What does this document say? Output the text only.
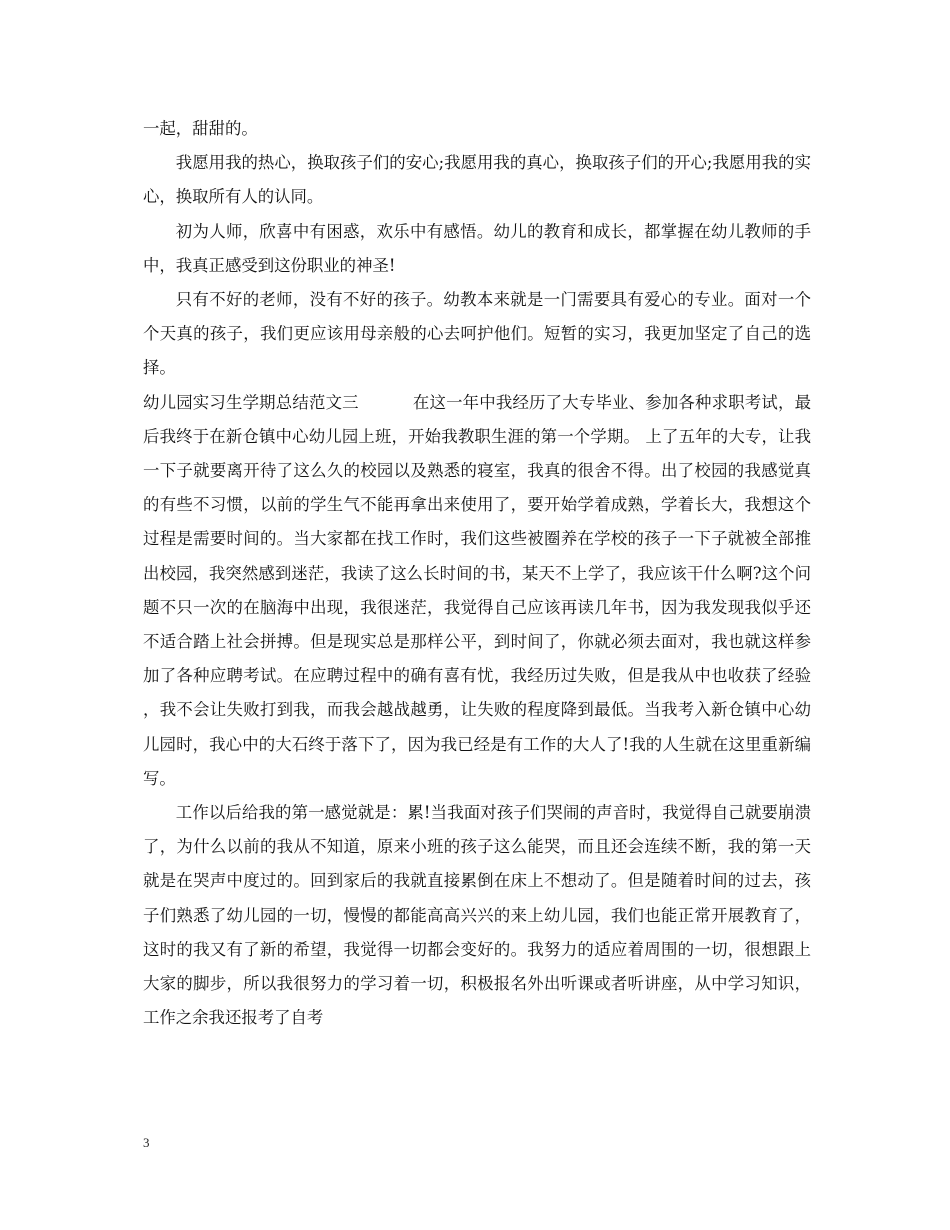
一起，甜甜的。

我愿用我的热心，换取孩子们的安心;我愿用我的真心，换取孩子们的开心;我愿用我的实心，换取所有人的认同。

初为人师，欣喜中有困惑，欢乐中有感悟。幼儿的教育和成长，都掌握在幼儿教师的手中，我真正感受到这份职业的神圣!

只有不好的老师，没有不好的孩子。幼教本来就是一门需要具有爱心的专业。面对一个个天真的孩子，我们更应该用母亲般的心去呵护他们。短暂的实习，我更加坚定了自己的选择。

幼儿园实习生学期总结范文三	在这一年中我经历了大专毕业、参加各种求职考试，最后我终于在新仓镇中心幼儿园上班，开始我教职生涯的第一个学期。 上了五年的大专，让我一下子就要离开待了这么久的校园以及熟悉的寝室，我真的很舍不得。出了校园的我感觉真的有些不习惯，以前的学生气不能再拿出来使用了，要开始学着成熟，学着长大，我想这个过程是需要时间的。当大家都在找工作时，我们这些被圈养在学校的孩子一下子就被全部推出校园，我突然感到迷茫，我读了这么长时间的书，某天不上学了，我应该干什么啊?这个问题不只一次的在脑海中出现，我很迷茫，我觉得自己应该再读几年书，因为我发现我似乎还不适合踏上社会拼搏。但是现实总是那样公平，到时间了，你就必须去面对，我也就这样参加了各种应聘考试。在应聘过程中的确有喜有忧，我经历过失败，但是我从中也收获了经验，我不会让失败打到我，而我会越战越勇，让失败的程度降到最低。当我考入新仓镇中心幼儿园时，我心中的大石终于落下了，因为我已经是有工作的大人了!我的人生就在这里重新编写。

工作以后给我的第一感觉就是：累!当我面对孩子们哭闹的声音时，我觉得自己就要崩溃了，为什么以前的我从不知道，原来小班的孩子这么能哭，而且还会连续不断，我的第一天就是在哭声中度过的。回到家后的我就直接累倒在床上不想动了。但是随着时间的过去，孩子们熟悉了幼儿园的一切，慢慢的都能高高兴兴的来上幼儿园，我们也能正常开展教育了，这时的我又有了新的希望，我觉得一切都会变好的。我努力的适应着周围的一切，很想跟上大家的脚步，所以我很努力的学习着一切，积极报名外出听课或者听讲座，从中学习知识，工作之余我还报考了自考

3
